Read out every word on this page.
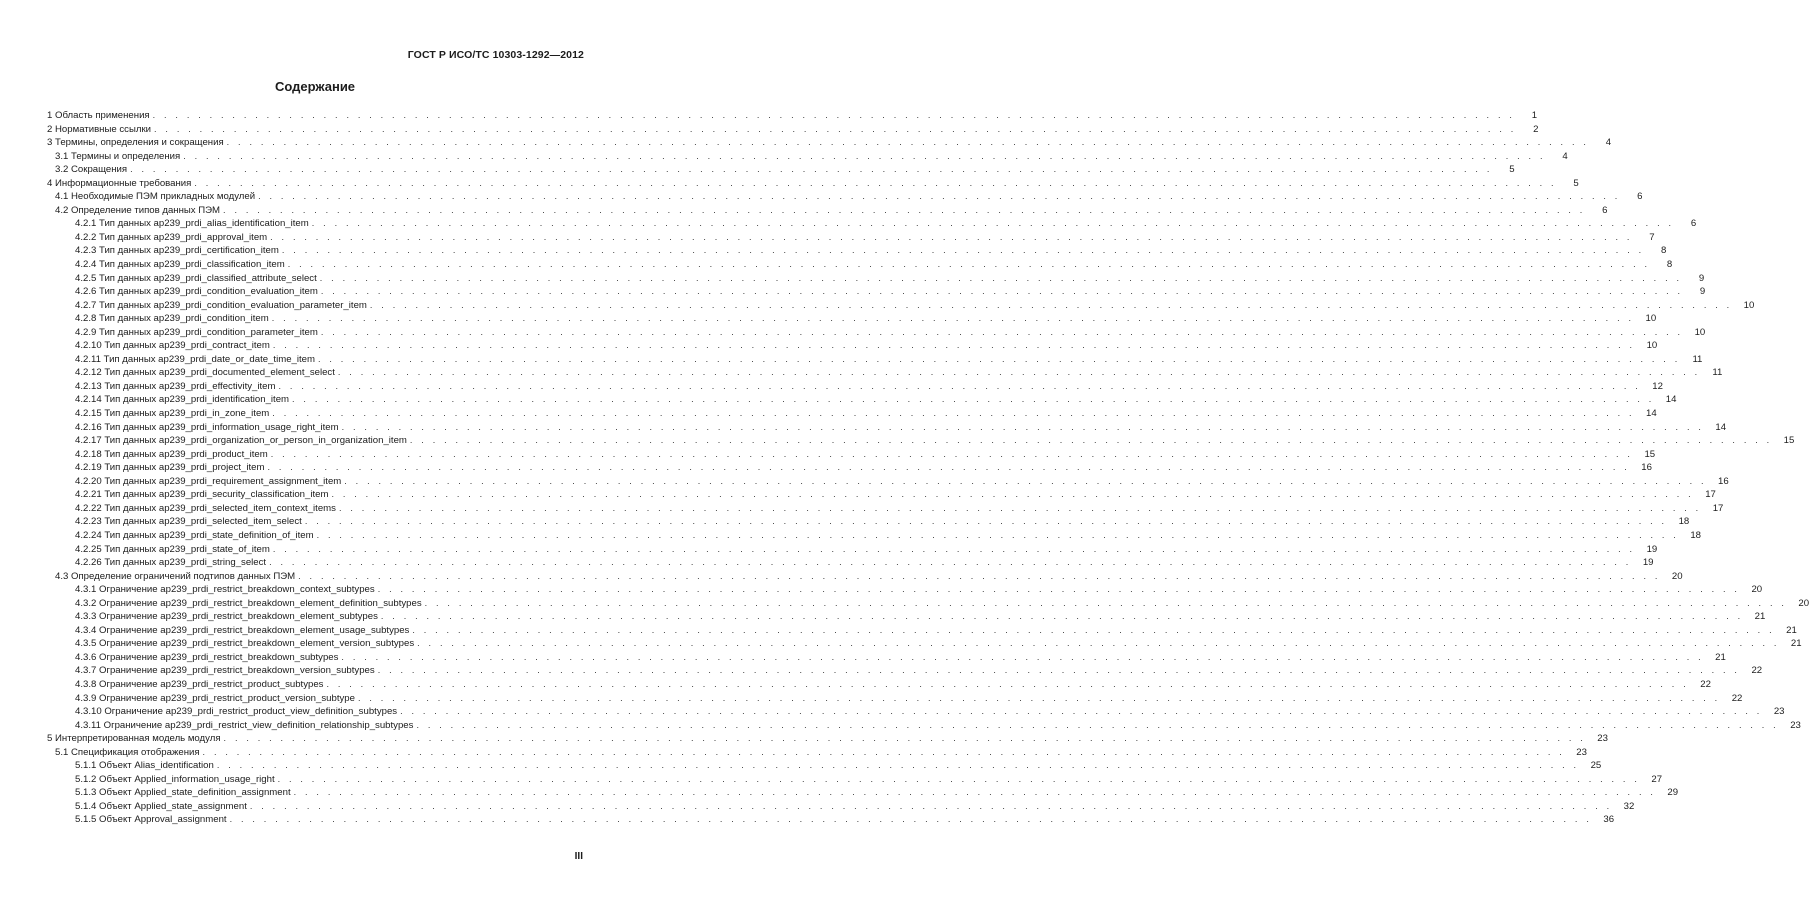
ГОСТ Р ИСО/ТС 10303-1292—2012
Содержание
1 Область применения . . . . . . . . . . . . . . . . . . . . . . . . . . . . . . . . . . . . . . . . . . . . . . . . . . . . . . . . . . . . . . . . . . . . . . . . . . . . . . . . . . . . . . . . . . . . . . . . . . . . . . . . . . . . . . . . . . . . . . . .	1
2 Нормативные ссылки . . . . . . . . . . . . . . . . . . . . . . . . . . . . . . . . . . . . . . . . . . . . . . . . . . . . . . . . . . . . . . . . . . . . . . . . . . . . . . . . . . . . . . . . . . . . . . . . . . . . . . . . . . . . . . . . . . . . . . . .	2
3 Термины, определения и сокращения . . . . . . . . . . . . . . . . . . . . . . . . . . . . . . . . . . . . . . . . . . . . . . . . . . . . . . . . . . . . . . . . . . . . . . . . . . . . . . . . . . . . . . . . . . . . . . . . . . . . . . . . . . . . . . . . . . . . . . . .	4
3.1 Термины и определения . . . . . . . . . . . . . . . . . . . . . . . . . . . . . . . . . . . . . . . . . . . . . . . . . . . . . . . . . . . . . . . . . . . . . . . . . . . . . . . . . . . . . . . . . . . . . . . . . . . . . . . . . . . . . . . . . . . . . . . .	4
3.2 Сокращения . . . . . . . . . . . . . . . . . . . . . . . . . . . . . . . . . . . . . . . . . . . . . . . . . . . . . . . . . . . . . . . . . . . . . . . . . . . . . . . . . . . . . . . . . . . . . . . . . . . . . . . . . . . . . . . . . . . . . . . .	5
4 Информационные требования . . . . . . . . . . . . . . . . . . . . . . . . . . . . . . . . . . . . . . . . . . . . . . . . . . . . . . . . . . . . . . . . . . . . . . . . . . . . . . . . . . . . . . . . . . . . . . . . . . . . . . . . . . . . . . . . . . . . . . . .	5
4.1 Необходимые ПЭМ прикладных модулей . . . . . . . . . . . . . . . . . . . . . . . . . . . . . . . . . . . . . . . . . . . . . . . . . . . . . . . . . . . . . . . . . . . . . . . . . . . . . . . . . . . . . . . . . . . . . . . . . . . . . . . . . . . . . . . . . . . . . . . .	6
4.2 Определение типов данных ПЭМ . . . . . . . . . . . . . . . . . . . . . . . . . . . . . . . . . . . . . . . . . . . . . . . . . . . . . . . . . . . . . . . . . . . . . . . . . . . . . . . . . . . . . . . . . . . . . . . . . . . . . . . . . . . . . . . . . . . . . . . .	6
4.2.1 Тип данных ap239_prdi_alias_identification_item . . . . . . . . . . . . . . . . . . . . . . . . . . . . . . . . . . . . . . . . . . . . . . . . . . . . . . . . . . . . . . . . . . . . . . . . . . . . . . . . . . . . . . . . . . . . . . . . . . . . . . . . . . . . . . . . . . . . . . . .	6
4.2.2 Тип данных ap239_prdi_approval_item . . . . . . . . . . . . . . . . . . . . . . . . . . . . . . . . . . . . . . . . . . . . . . . . . . . . . . . . . . . . . . . . . . . . . . . . . . . . . . . . . . . . . . . . . . . . . . . . . . . . . . . . . . . . . . . . . . . . . . . .	7
4.2.3 Тип данных ap239_prdi_certification_item . . . . . . . . . . . . . . . . . . . . . . . . . . . . . . . . . . . . . . . . . . . . . . . . . . . . . . . . . . . . . . . . . . . . . . . . . . . . . . . . . . . . . . . . . . . . . . . . . . . . . . . . . . . . . . . . . . . . . . . .	8
4.2.4 Тип данных ap239_prdi_classification_item . . . . . . . . . . . . . . . . . . . . . . . . . . . . . . . . . . . . . . . . . . . . . . . . . . . . . . . . . . . . . . . . . . . . . . . . . . . . . . . . . . . . . . . . . . . . . . . . . . . . . . . . . . . . . . . . . . . . . . . .	8
4.2.5 Тип данных ap239_prdi_classified_attribute_select . . . . . . . . . . . . . . . . . . . . . . . . . . . . . . . . . . . . . . . . . . . . . . . . . . . . . . . . . . . . . . . . . . . . . . . . . . . . . . . . . . . . . . . . . . . . . . . . . . . . . . . . . . . . . . . . . . . . . . . .	9
4.2.6 Тип данных ap239_prdi_condition_evaluation_item . . . . . . . . . . . . . . . . . . . . . . . . . . . . . . . . . . . . . . . . . . . . . . . . . . . . . . . . . . . . . . . . . . . . . . . . . . . . . . . . . . . . . . . . . . . . . . . . . . . . . . . . . . . . . . . . . . . . . . . .	9
4.2.7 Тип данных ap239_prdi_condition_evaluation_parameter_item . . . . . . . . . . . . . . . . . . . . . . . . . . . . . . . . . . . . . . . . . . . . . . . . . . . . . . . . . . . . . . . . . . . . . . . . . . . . . . . . . . . . . . . . . . . . . . . . . . . . . . . . . . . . . . . . . . . . . . . .	10
4.2.8 Тип данных ap239_prdi_condition_item . . . . . . . . . . . . . . . . . . . . . . . . . . . . . . . . . . . . . . . . . . . . . . . . . . . . . . . . . . . . . . . . . . . . . . . . . . . . . . . . . . . . . . . . . . . . . . . . . . . . . . . . . . . . . . . . . . . . . . . .	10
4.2.9 Тип данных ap239_prdi_condition_parameter_item . . . . . . . . . . . . . . . . . . . . . . . . . . . . . . . . . . . . . . . . . . . . . . . . . . . . . . . . . . . . . . . . . . . . . . . . . . . . . . . . . . . . . . . . . . . . . . . . . . . . . . . . . . . . . . . . . . . . . . . .	10
4.2.10 Тип данных ap239_prdi_contract_item . . . . . . . . . . . . . . . . . . . . . . . . . . . . . . . . . . . . . . . . . . . . . . . . . . . . . . . . . . . . . . . . . . . . . . . . . . . . . . . . . . . . . . . . . . . . . . . . . . . . . . . . . . . . . . . . . . . . . . . .	10
4.2.11 Тип данных ap239_prdi_date_or_date_time_item . . . . . . . . . . . . . . . . . . . . . . . . . . . . . . . . . . . . . . . . . . . . . . . . . . . . . . . . . . . . . . . . . . . . . . . . . . . . . . . . . . . . . . . . . . . . . . . . . . . . . . . . . . . . . . . . . . . . . . . .	11
4.2.12 Тип данных ap239_prdi_documented_element_select . . . . . . . . . . . . . . . . . . . . . . . . . . . . . . . . . . . . . . . . . . . . . . . . . . . . . . . . . . . . . . . . . . . . . . . . . . . . . . . . . . . . . . . . . . . . . . . . . . . . . . . . . . . . . . . . . . . . . . . .	11
4.2.13 Тип данных ap239_prdi_effectivity_item . . . . . . . . . . . . . . . . . . . . . . . . . . . . . . . . . . . . . . . . . . . . . . . . . . . . . . . . . . . . . . . . . . . . . . . . . . . . . . . . . . . . . . . . . . . . . . . . . . . . . . . . . . . . . . . . . . . . . . . .	12
4.2.14 Тип данных ap239_prdi_identification_item . . . . . . . . . . . . . . . . . . . . . . . . . . . . . . . . . . . . . . . . . . . . . . . . . . . . . . . . . . . . . . . . . . . . . . . . . . . . . . . . . . . . . . . . . . . . . . . . . . . . . . . . . . . . . . . . . . . . . . . .	14
4.2.15 Тип данных ap239_prdi_in_zone_item . . . . . . . . . . . . . . . . . . . . . . . . . . . . . . . . . . . . . . . . . . . . . . . . . . . . . . . . . . . . . . . . . . . . . . . . . . . . . . . . . . . . . . . . . . . . . . . . . . . . . . . . . . . . . . . . . . . . . . . .	14
4.2.16 Тип данных ap239_prdi_information_usage_right_item . . . . . . . . . . . . . . . . . . . . . . . . . . . . . . . . . . . . . . . . . . . . . . . . . . . . . . . . . . . . . . . . . . . . . . . . . . . . . . . . . . . . . . . . . . . . . . . . . . . . . . . . . . . . . . . . . . . . . . . .	14
4.2.17 Тип данных ap239_prdi_organization_or_person_in_organization_item . . . . . . . . . . . . . . . . . . . . . . . . . . . . . . . . . . . . . . . . . . . . . . . . . . . . . . . . . . . . . . . . . . . . . . . . . . . . . . . . . . . . . . . . . . . . . . . . . . . . . . . . . . . . . . . . . . . . . . . .	15
4.2.18 Тип данных ap239_prdi_product_item . . . . . . . . . . . . . . . . . . . . . . . . . . . . . . . . . . . . . . . . . . . . . . . . . . . . . . . . . . . . . . . . . . . . . . . . . . . . . . . . . . . . . . . . . . . . . . . . . . . . . . . . . . . . . . . . . . . . . . . .	15
4.2.19 Тип данных ap239_prdi_project_item . . . . . . . . . . . . . . . . . . . . . . . . . . . . . . . . . . . . . . . . . . . . . . . . . . . . . . . . . . . . . . . . . . . . . . . . . . . . . . . . . . . . . . . . . . . . . . . . . . . . . . . . . . . . . . . . . . . . . . . .	16
4.2.20 Тип данных ap239_prdi_requirement_assignment_item . . . . . . . . . . . . . . . . . . . . . . . . . . . . . . . . . . . . . . . . . . . . . . . . . . . . . . . . . . . . . . . . . . . . . . . . . . . . . . . . . . . . . . . . . . . . . . . . . . . . . . . . . . . . . . . . . . . . . . . .	16
4.2.21 Тип данных ap239_prdi_security_classification_item . . . . . . . . . . . . . . . . . . . . . . . . . . . . . . . . . . . . . . . . . . . . . . . . . . . . . . . . . . . . . . . . . . . . . . . . . . . . . . . . . . . . . . . . . . . . . . . . . . . . . . . . . . . . . . . . . . . . . . . .	17
4.2.22 Тип данных ap239_prdi_selected_item_context_items . . . . . . . . . . . . . . . . . . . . . . . . . . . . . . . . . . . . . . . . . . . . . . . . . . . . . . . . . . . . . . . . . . . . . . . . . . . . . . . . . . . . . . . . . . . . . . . . . . . . . . . . . . . . . . . . . . . . . . . .	17
4.2.23 Тип данных ap239_prdi_selected_item_select . . . . . . . . . . . . . . . . . . . . . . . . . . . . . . . . . . . . . . . . . . . . . . . . . . . . . . . . . . . . . . . . . . . . . . . . . . . . . . . . . . . . . . . . . . . . . . . . . . . . . . . . . . . . . . . . . . . . . . . .	18
4.2.24 Тип данных ap239_prdi_state_definition_of_item . . . . . . . . . . . . . . . . . . . . . . . . . . . . . . . . . . . . . . . . . . . . . . . . . . . . . . . . . . . . . . . . . . . . . . . . . . . . . . . . . . . . . . . . . . . . . . . . . . . . . . . . . . . . . . . . . . . . . . . .	18
4.2.25 Тип данных ap239_prdi_state_of_item . . . . . . . . . . . . . . . . . . . . . . . . . . . . . . . . . . . . . . . . . . . . . . . . . . . . . . . . . . . . . . . . . . . . . . . . . . . . . . . . . . . . . . . . . . . . . . . . . . . . . . . . . . . . . . . . . . . . . . . .	19
4.2.26 Тип данных ap239_prdi_string_select . . . . . . . . . . . . . . . . . . . . . . . . . . . . . . . . . . . . . . . . . . . . . . . . . . . . . . . . . . . . . . . . . . . . . . . . . . . . . . . . . . . . . . . . . . . . . . . . . . . . . . . . . . . . . . . . . . . . . . . .	19
4.3 Определение ограничений подтипов данных ПЭМ . . . . . . . . . . . . . . . . . . . . . . . . . . . . . . . . . . . . . . . . . . . . . . . . . . . . . . . . . . . . . . . . . . . . . . . . . . . . . . . . . . . . . . . . . . . . . . . . . . . . . . . . . . . . . . . . . . . . . . . .	20
4.3.1 Ограничение ap239_prdi_restrict_breakdown_context_subtypes . . . . . . . . . . . . . . . . . . . . . . . . . . . . . . . . . . . . . . . . . . . . . . . . . . . . . . . . . . . . . . . . . . . . . . . . . . . . . . . . . . . . . . . . . . . . . . . . . . . . . . . . . . . . . . . . . . . . . . . .	20
4.3.2 Ограничение ap239_prdi_restrict_breakdown_element_definition_subtypes . . . . . . . . . . . . . . . . . . . . . . . . . . . . . . . . . . . . . . . . . . . . . . . . . . . . . . . . . . . . . . . . . . . . . . . . . . . . . . . . . . . . . . . . . . . . . . . . . . . . . . . . . . . . . . . . . . . . . . . .	20
4.3.3 Ограничение ap239_prdi_restrict_breakdown_element_subtypes . . . . . . . . . . . . . . . . . . . . . . . . . . . . . . . . . . . . . . . . . . . . . . . . . . . . . . . . . . . . . . . . . . . . . . . . . . . . . . . . . . . . . . . . . . . . . . . . . . . . . . . . . . . . . . . . . . . . . . . .	21
4.3.4 Ограничение ap239_prdi_restrict_breakdown_element_usage_subtypes . . . . . . . . . . . . . . . . . . . . . . . . . . . . . . . . . . . . . . . . . . . . . . . . . . . . . . . . . . . . . . . . . . . . . . . . . . . . . . . . . . . . . . . . . . . . . . . . . . . . . . . . . . . . . . . . . . . . . . . .	21
4.3.5 Ограничение ap239_prdi_restrict_breakdown_element_version_subtypes . . . . . . . . . . . . . . . . . . . . . . . . . . . . . . . . . . . . . . . . . . . . . . . . . . . . . . . . . . . . . . . . . . . . . . . . . . . . . . . . . . . . . . . . . . . . . . . . . . . . . . . . . . . . . . . . . . . . . . . .	21
4.3.6 Ограничение ap239_prdi_restrict_breakdown_subtypes . . . . . . . . . . . . . . . . . . . . . . . . . . . . . . . . . . . . . . . . . . . . . . . . . . . . . . . . . . . . . . . . . . . . . . . . . . . . . . . . . . . . . . . . . . . . . . . . . . . . . . . . . . . . . . . . . . . . . . . .	21
4.3.7 Ограничение ap239_prdi_restrict_breakdown_version_subtypes . . . . . . . . . . . . . . . . . . . . . . . . . . . . . . . . . . . . . . . . . . . . . . . . . . . . . . . . . . . . . . . . . . . . . . . . . . . . . . . . . . . . . . . . . . . . . . . . . . . . . . . . . . . . . . . . . . . . . . . .	22
4.3.8 Ограничение ap239_prdi_restrict_product_subtypes . . . . . . . . . . . . . . . . . . . . . . . . . . . . . . . . . . . . . . . . . . . . . . . . . . . . . . . . . . . . . . . . . . . . . . . . . . . . . . . . . . . . . . . . . . . . . . . . . . . . . . . . . . . . . . . . . . . . . . . .	22
4.3.9 Ограничение ap239_prdi_restrict_product_version_subtype . . . . . . . . . . . . . . . . . . . . . . . . . . . . . . . . . . . . . . . . . . . . . . . . . . . . . . . . . . . . . . . . . . . . . . . . . . . . . . . . . . . . . . . . . . . . . . . . . . . . . . . . . . . . . . . . . . . . . . . .	22
4.3.10 Ограничение ap239_prdi_restrict_product_view_definition_subtypes . . . . . . . . . . . . . . . . . . . . . . . . . . . . . . . . . . . . . . . . . . . . . . . . . . . . . . . . . . . . . . . . . . . . . . . . . . . . . . . . . . . . . . . . . . . . . . . . . . . . . . . . . . . . . . . . . . . . . . . .	23
4.3.11 Ограничение ap239_prdi_restrict_view_definition_relationship_subtypes . . . . . . . . . . . . . . . . . . . . . . . . . . . . . . . . . . . . . . . . . . . . . . . . . . . . . . . . . . . . . . . . . . . . . . . . . . . . . . . . . . . . . . . . . . . . . . . . . . . . . . . . . . . . . . . . . . . . . . . .	23
5 Интерпретированная модель модуля . . . . . . . . . . . . . . . . . . . . . . . . . . . . . . . . . . . . . . . . . . . . . . . . . . . . . . . . . . . . . . . . . . . . . . . . . . . . . . . . . . . . . . . . . . . . . . . . . . . . . . . . . . . . . . . . . . . . . . . .	23
5.1 Спецификация отображения . . . . . . . . . . . . . . . . . . . . . . . . . . . . . . . . . . . . . . . . . . . . . . . . . . . . . . . . . . . . . . . . . . . . . . . . . . . . . . . . . . . . . . . . . . . . . . . . . . . . . . . . . . . . . . . . . . . . . . . .	23
5.1.1 Объект Alias_identification . . . . . . . . . . . . . . . . . . . . . . . . . . . . . . . . . . . . . . . . . . . . . . . . . . . . . . . . . . . . . . . . . . . . . . . . . . . . . . . . . . . . . . . . . . . . . . . . . . . . . . . . . . . . . . . . . . . . . . . .	25
5.1.2 Объект Applied_information_usage_right . . . . . . . . . . . . . . . . . . . . . . . . . . . . . . . . . . . . . . . . . . . . . . . . . . . . . . . . . . . . . . . . . . . . . . . . . . . . . . . . . . . . . . . . . . . . . . . . . . . . . . . . . . . . . . . . . . . . . . . .	27
5.1.3 Объект Applied_state_definition_assignment . . . . . . . . . . . . . . . . . . . . . . . . . . . . . . . . . . . . . . . . . . . . . . . . . . . . . . . . . . . . . . . . . . . . . . . . . . . . . . . . . . . . . . . . . . . . . . . . . . . . . . . . . . . . . . . . . . . . . . . .	29
5.1.4 Объект Applied_state_assignment . . . . . . . . . . . . . . . . . . . . . . . . . . . . . . . . . . . . . . . . . . . . . . . . . . . . . . . . . . . . . . . . . . . . . . . . . . . . . . . . . . . . . . . . . . . . . . . . . . . . . . . . . . . . . . . . . . . . . . . .	32
5.1.5 Объект Approval_assignment . . . . . . . . . . . . . . . . . . . . . . . . . . . . . . . . . . . . . . . . . . . . . . . . . . . . . . . . . . . . . . . . . . . . . . . . . . . . . . . . . . . . . . . . . . . . . . . . . . . . . . . . . . . . . . . . . . . . . . . .	36
III
